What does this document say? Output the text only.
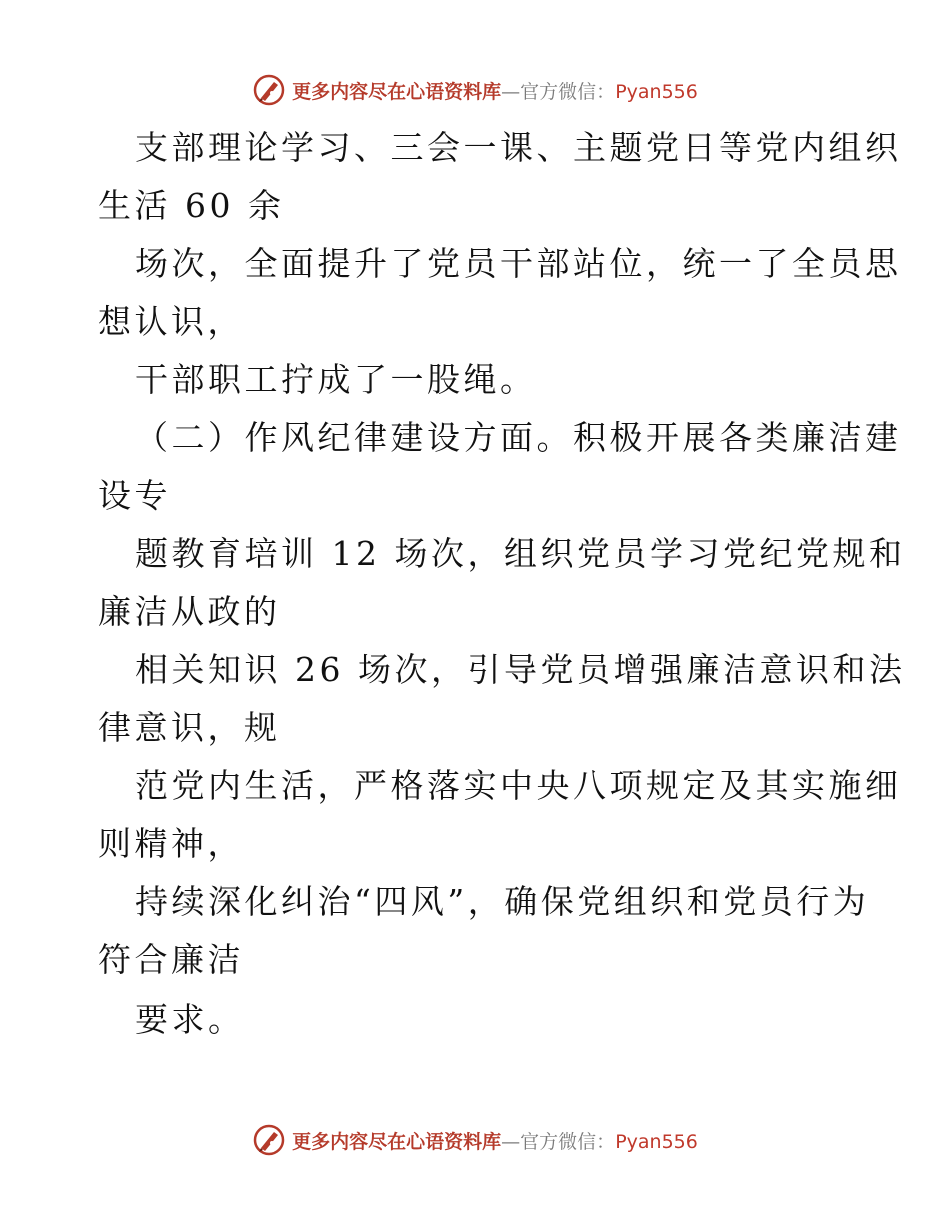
更多内容尽在心语资料库—官方微信：Pyan556
支部理论学习、三会一课、主题党日等党内组织
生活 60 余
场次，全面提升了党员干部站位，统一了全员思
想认识，
干部职工拧成了一股绳。
（二）作风纪律建设方面。积极开展各类廉洁建
设专
题教育培训 12 场次，组织党员学习党纪党规和
廉洁从政的
相关知识 26 场次，引导党员增强廉洁意识和法
律意识，规
范党内生活，严格落实中央八项规定及其实施细
则精神，
持续深化纠治“四风”，确保党组织和党员行为
符合廉洁
要求。
更多内容尽在心语资料库—官方微信：Pyan556
